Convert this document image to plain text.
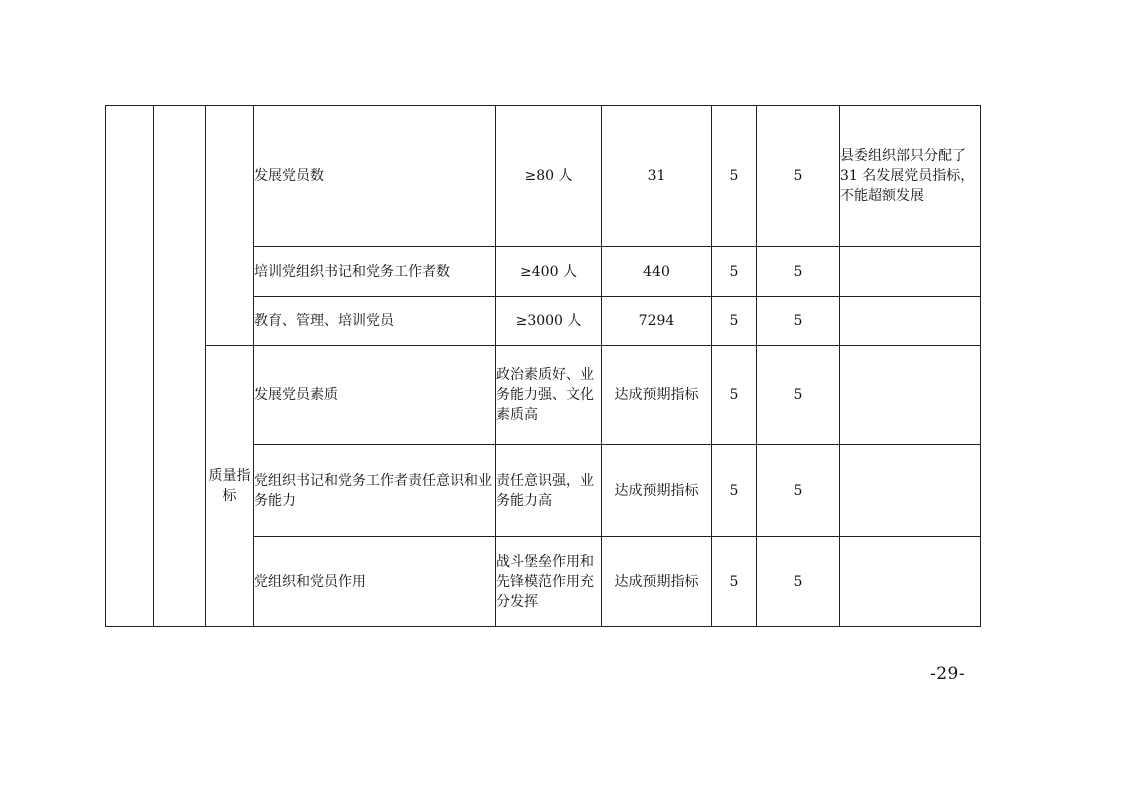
			发展党员数	≥80 人	31	5	5	县委组织部只分配了 31 名发展党员指标，不能超额发展
			培训党组织书记和党务工作者数	≥400 人	440	5	5	
			教育、管理、培训党员	≥3000 人	7294	5	5	
		质量指标	发展党员素质	政治素质好、业务能力强、文化素质高	达成预期指标	5	5	
			党组织书记和党务工作者责任意识和业务能力	责任意识强，业务能力高	达成预期指标	5	5	
			党组织和党员作用	战斗堡垒作用和先锋模范作用充分发挥	达成预期指标	5	5	
-29-
